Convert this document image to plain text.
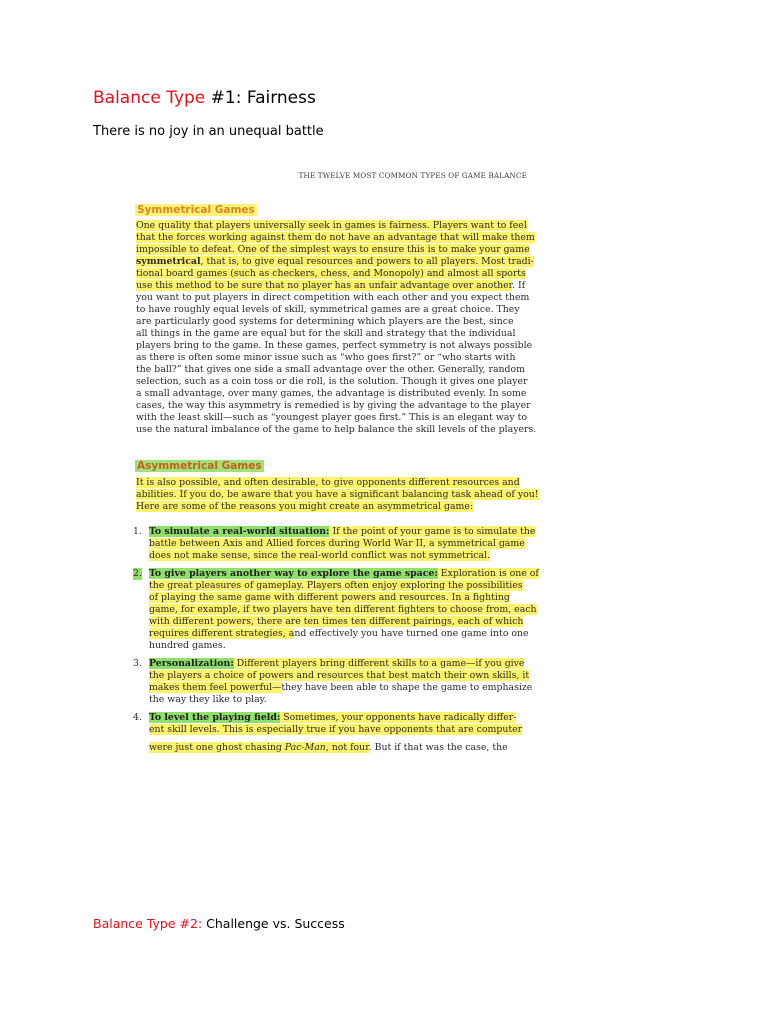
Balance Type #1: Fairness
There is no joy in an unequal battle
THE TWELVE MOST COMMON TYPES OF GAME BALANCE
Symmetrical Games
One quality that players universally seek in games is fairness. Players want to feel
that the forces working against them do not have an advantage that will make them
impossible to defeat. One of the simplest ways to ensure this is to make your game
symmetrical, that is, to give equal resources and powers to all players. Most tradi-
tional board games (such as checkers, chess, and Monopoly) and almost all sports
use this method to be sure that no player has an unfair advantage over another. If
you want to put players in direct competition with each other and you expect them
to have roughly equal levels of skill, symmetrical games are a great choice. They
are particularly good systems for determining which players are the best, since
all things in the game are equal but for the skill and strategy that the individual
players bring to the game. In these games, perfect symmetry is not always possible
as there is often some minor issue such as “who goes first?” or “who starts with
the ball?” that gives one side a small advantage over the other. Generally, random
selection, such as a coin toss or die roll, is the solution. Though it gives one player
a small advantage, over many games, the advantage is distributed evenly. In some
cases, the way this asymmetry is remedied is by giving the advantage to the player
with the least skill—such as “youngest player goes first.” This is an elegant way to
use the natural imbalance of the game to help balance the skill levels of the players.
Asymmetrical Games
It is also possible, and often desirable, to give opponents different resources and
abilities. If you do, be aware that you have a significant balancing task ahead of you!
Here are some of the reasons you might create an asymmetrical game:
1. To simulate a real-world situation: If the point of your game is to simulate the
battle between Axis and Allied forces during World War II, a symmetrical game
does not make sense, since the real-world conflict was not symmetrical.
2. To give players another way to explore the game space: Exploration is one of
the great pleasures of gameplay. Players often enjoy exploring the possibilities
of playing the same game with different powers and resources. In a fighting
game, for example, if two players have ten different fighters to choose from, each
with different powers, there are ten times ten different pairings, each of which
requires different strategies, and effectively you have turned one game into one
hundred games.
3. Personalization: Different players bring different skills to a game—if you give
the players a choice of powers and resources that best match their own skills, it
makes them feel powerful—they have been able to shape the game to emphasize
the way they like to play.
4. To level the playing field: Sometimes, your opponents have radically differ-
ent skill levels. This is especially true if you have opponents that are computer
were just one ghost chasing Pac-Man, not four. But if that was the case, the
Balance Type #2: Challenge vs. Success
